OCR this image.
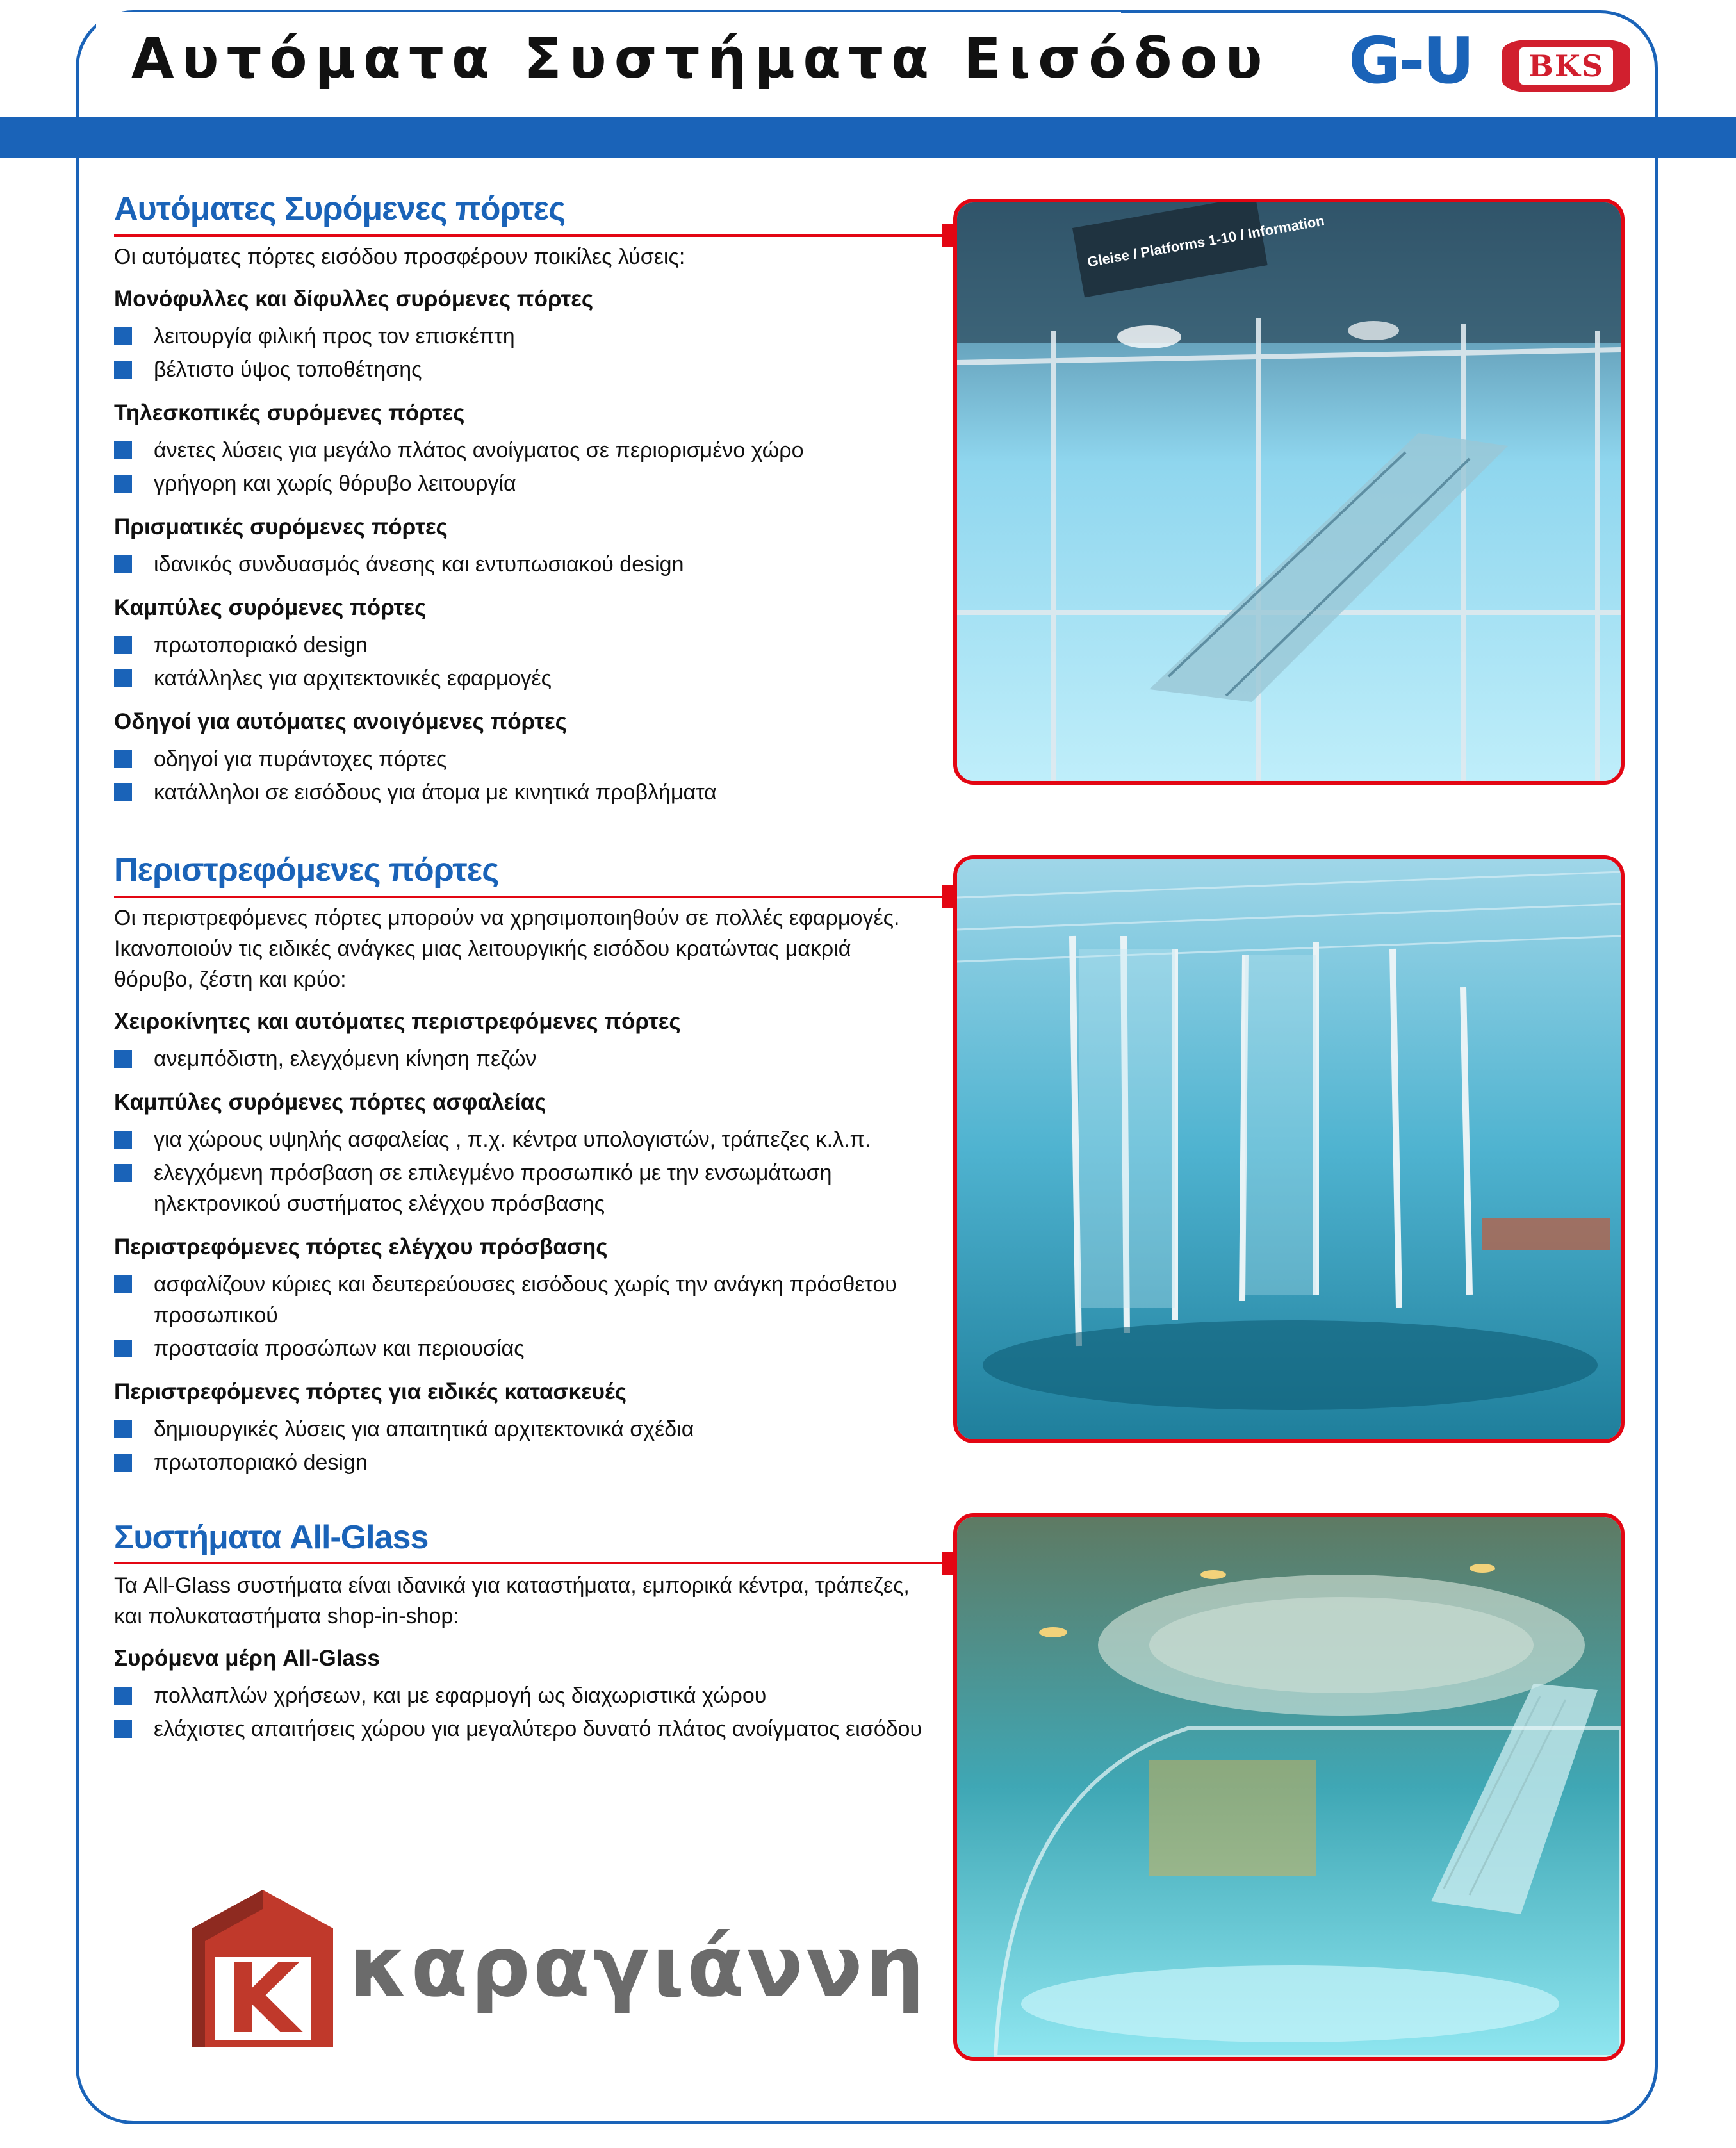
Αυτόματα Συστήματα Εισόδου G-U	BKS
Αυτόματες Συρόμενες πόρτες

Οι αυτόματες πόρτες εισόδου προσφέρουν ποικίλες λύσεις:

Μονόφυλλες και δίφυλλες συρόμενες πόρτες
λειτουργία φιλική προς τον επισκέπτη
βέλτιστο ύψος τοποθέτησης
Τηλεσκοπικές συρόμενες πόρτες
άνετες λύσεις για μεγάλο πλάτος ανοίγματος σε περιορισμένο χώρο
γρήγορη και χωρίς θόρυβο λειτουργία
Πρισματικές συρόμενες πόρτες
ιδανικός συνδυασμός άνεσης και εντυπωσιακού design
Καμπύλες συρόμενες πόρτες
πρωτοποριακό design
κατάλληλες για αρχιτεκτονικές εφαρμογές
Οδηγοί για αυτόματες ανοιγόμενες πόρτες
οδηγοί για πυράντοχες πόρτες
κατάλληλοι σε εισόδους για άτομα με κινητικά προβλήματα
Gleise / Platforms 1-10 / Information
Περιστρεφόμενες πόρτες

Οι περιστρεφόμενες πόρτες μπορούν να χρησιμοποιηθούν σε πολλές εφαρμογές. Ικανοποιούν τις ειδικές ανάγκες μιας λειτουργικής εισόδου κρατώντας μακριά θόρυβο, ζέστη και κρύο:

Χειροκίνητες και αυτόματες περιστρεφόμενες πόρτες
ανεμπόδιστη, ελεγχόμενη κίνηση πεζών
Καμπύλες συρόμενες πόρτες ασφαλείας
για χώρους υψηλής ασφαλείας , π.χ. κέντρα υπολογιστών, τράπεζες κ.λ.π.
ελεγχόμενη πρόσβαση σε επιλεγμένο προσωπικό με την ενσωμάτωση ηλεκτρονικού συστήματος ελέγχου πρόσβασης
Περιστρεφόμενες πόρτες ελέγχου πρόσβασης
ασφαλίζουν κύριες και δευτερεύουσες εισόδους χωρίς την ανάγκη πρόσθετου προσωπικού
προστασία προσώπων και περιουσίας
Περιστρεφόμενες πόρτες για ειδικές κατασκευές
δημιουργικές λύσεις για απαιτητικά αρχιτεκτονικά σχέδια
πρωτοποριακό design
Συστήματα All-Glass

Τα All-Glass συστήματα είναι ιδανικά για καταστήματα, εμπορικά κέντρα, τράπεζες, και πολυκαταστήματα shop-in-shop:

Συρόμενα μέρη All-Glass
πολλαπλών χρήσεων, και με εφαρμογή ως διαχωριστικά χώρου
ελάχιστες απαιτήσεις χώρου για μεγαλύτερο δυνατό πλάτος ανοίγματος εισόδου
K καραγιάννη
